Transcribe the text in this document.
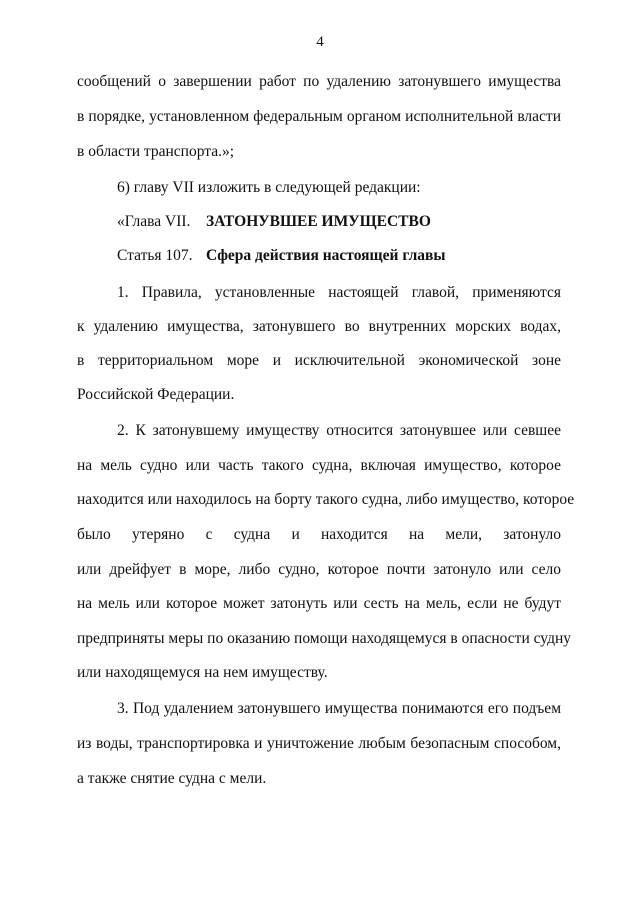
4
сообщений о завершении работ по удалению затонувшего имущества
в порядке, установленном федеральным органом исполнительной власти
в области транспорта.»;
6) главу VII изложить в следующей редакции:
«Глава VII. ЗАТОНУВШЕЕ ИМУЩЕСТВО
Статья 107. Сфера действия настоящей главы
1. Правила, установленные настоящей главой, применяются
к удалению имущества, затонувшего во внутренних морских водах,
в территориальном море и исключительной экономической зоне
Российской Федерации.
2. К затонувшему имуществу относится затонувшее или севшее
на мель судно или часть такого судна, включая имущество, которое
находится или находилось на борту такого судна, либо имущество, которое
было утеряно с судна и находится на мели, затонуло
или дрейфует в море, либо судно, которое почти затонуло или село
на мель или которое может затонуть или сесть на мель, если не будут
предприняты меры по оказанию помощи находящемуся в опасности судну
или находящемуся на нем имуществу.
3. Под удалением затонувшего имущества понимаются его подъем
из воды, транспортировка и уничтожение любым безопасным способом,
а также снятие судна с мели.
